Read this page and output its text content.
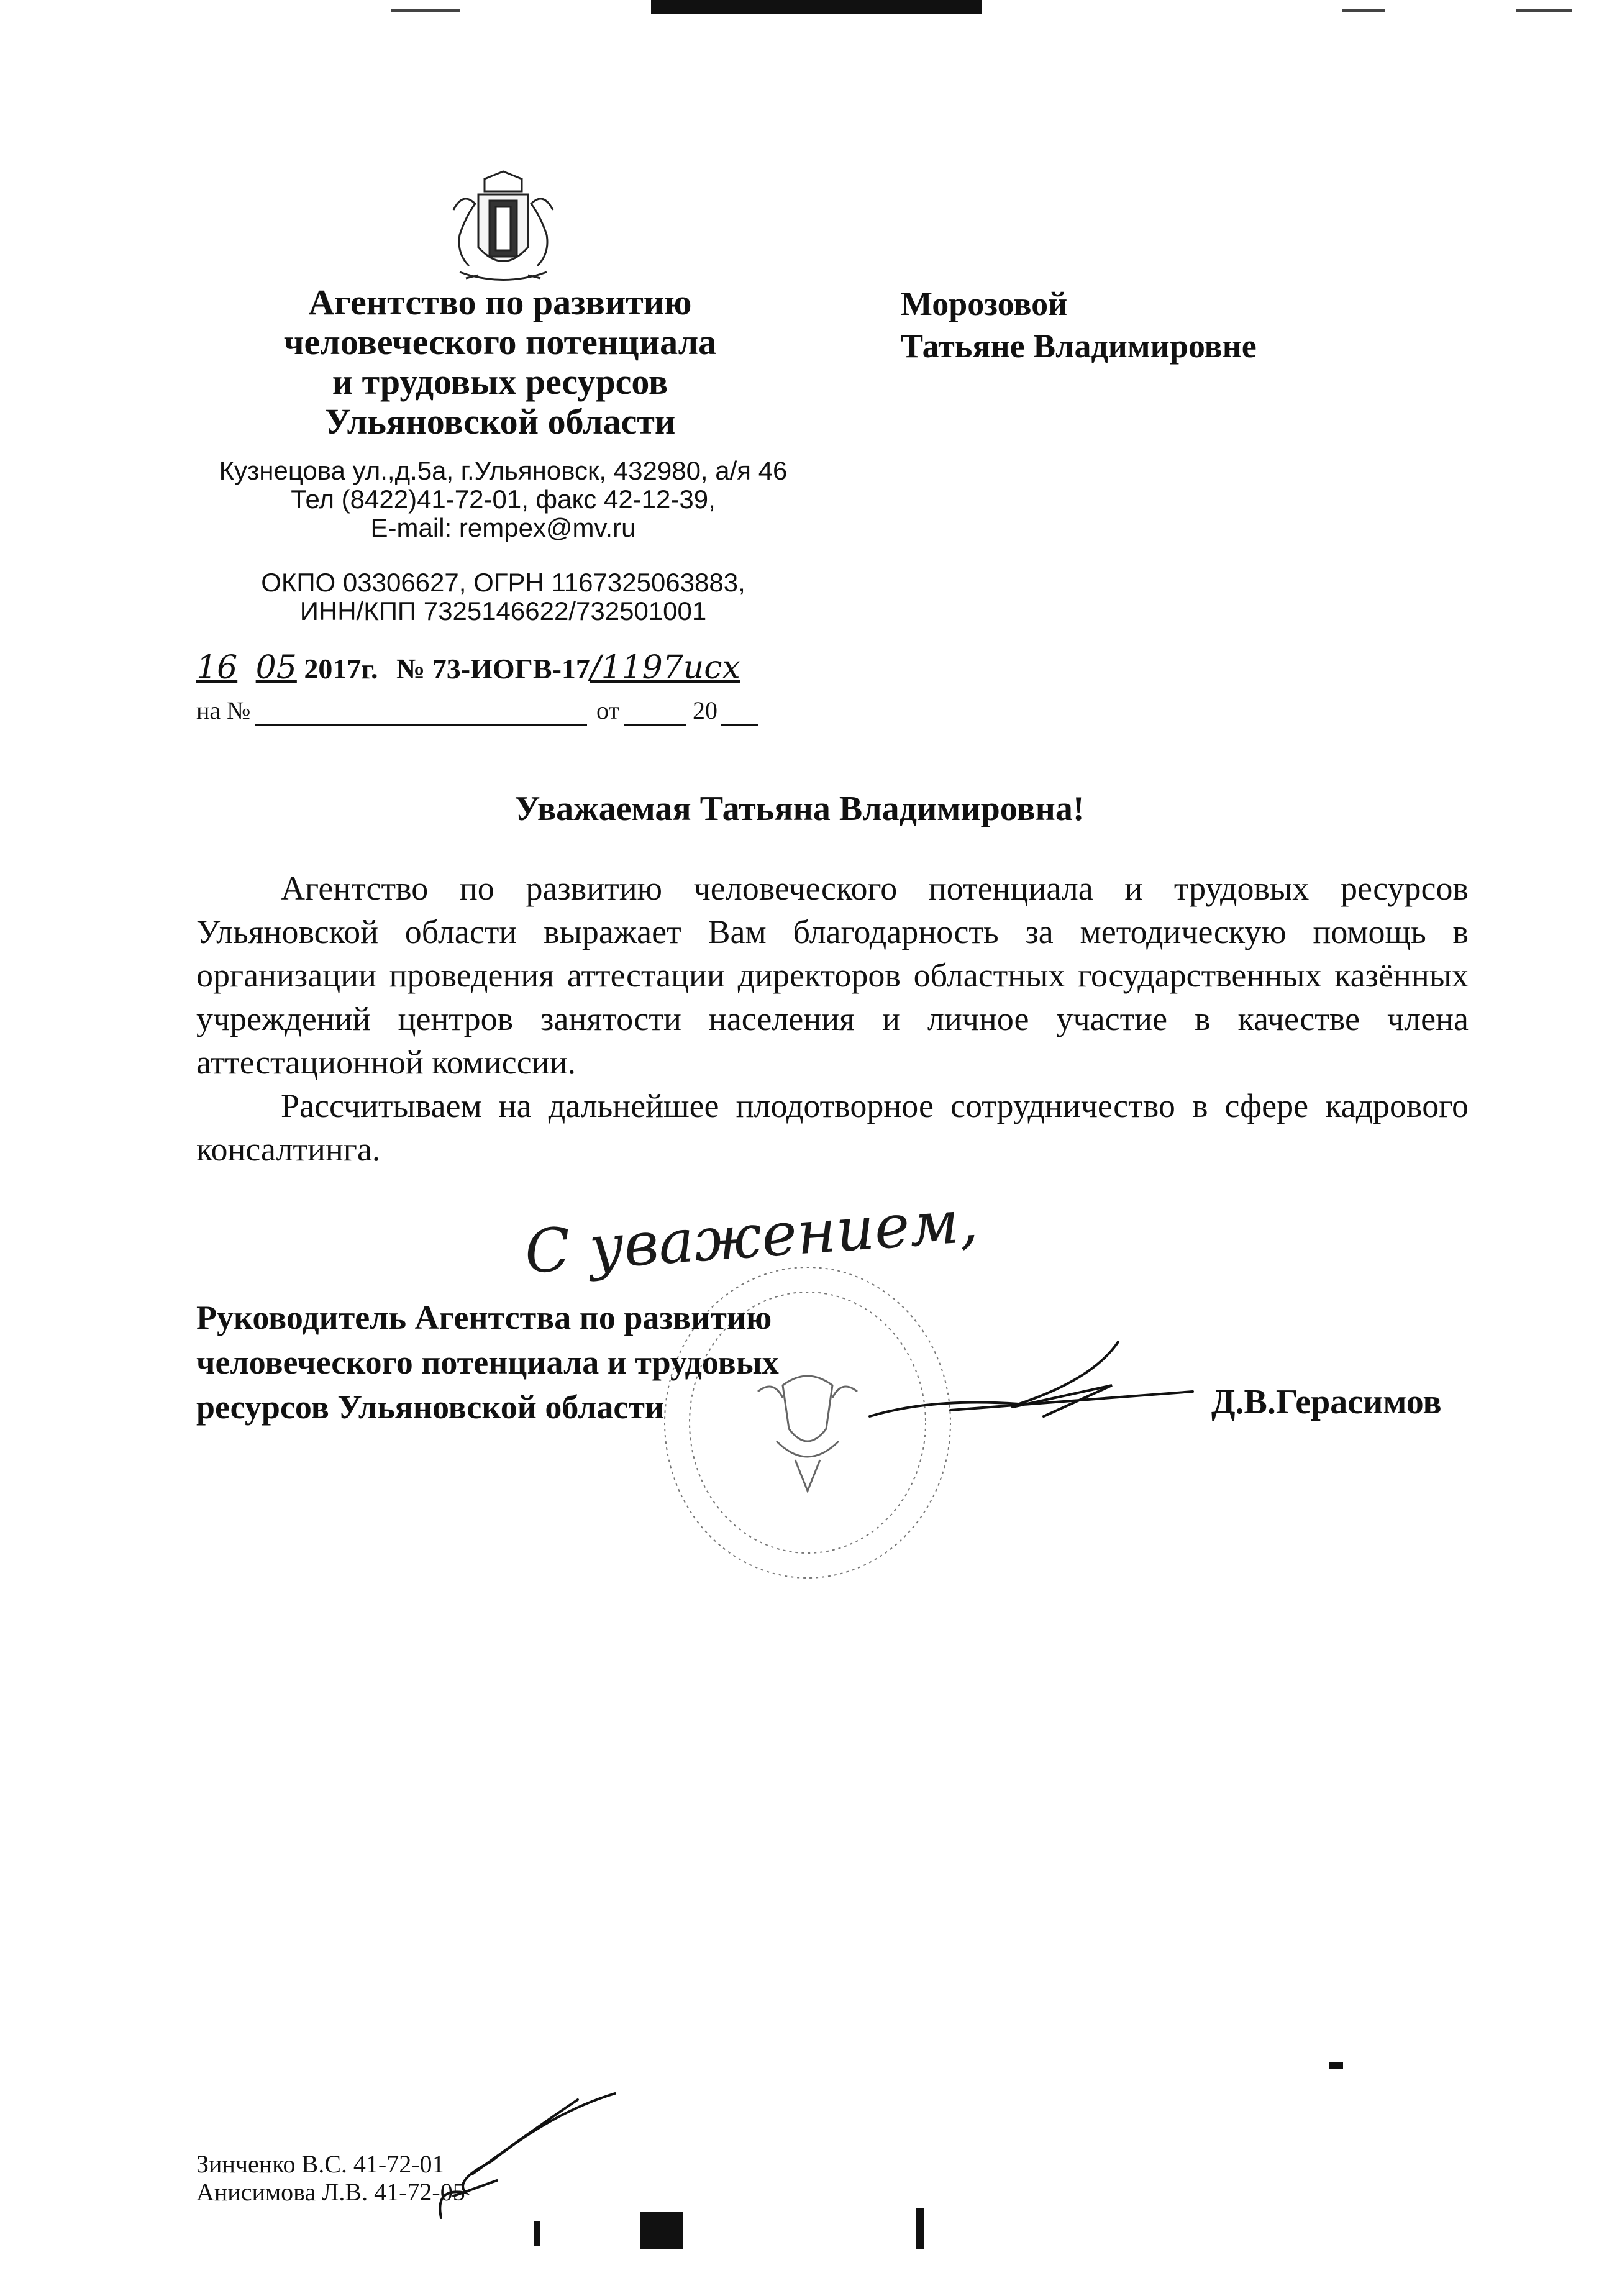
Агентство по развитию
человеческого потенциала
и трудовых ресурсов
Ульяновской области
Кузнецова ул.,д.5а, г.Ульяновск, 432980, а/я 46
Тел (8422)41-72-01, факс 42-12-39,
E-mail: rempex@mv.ru
ОКПО 03306627, ОГРН 1167325063883,
ИНН/КПП 7325146622/732501001
16 05 2017г. № 73-ИОГВ-17/1197исх
на №	от	20
Морозовой
Татьяне Владимировне
Уважаемая Татьяна Владимировна!
Агентство по развитию человеческого потенциала и трудовых ресурсов Ульяновской области выражает Вам благодарность за методическую помощь в организации проведения аттестации директоров областных государственных казённых учреждений центров занятости населения и личное участие в качестве члена аттестационной комиссии.
Рассчитываем на дальнейшее плодотворное сотрудничество в сфере кадрового консалтинга.
С уважением,
Руководитель Агентства по развитию
человеческого потенциала и трудовых
ресурсов Ульяновской области	Д.В.Герасимов
Зинченко В.С. 41-72-01
Анисимова Л.В. 41-72-05
